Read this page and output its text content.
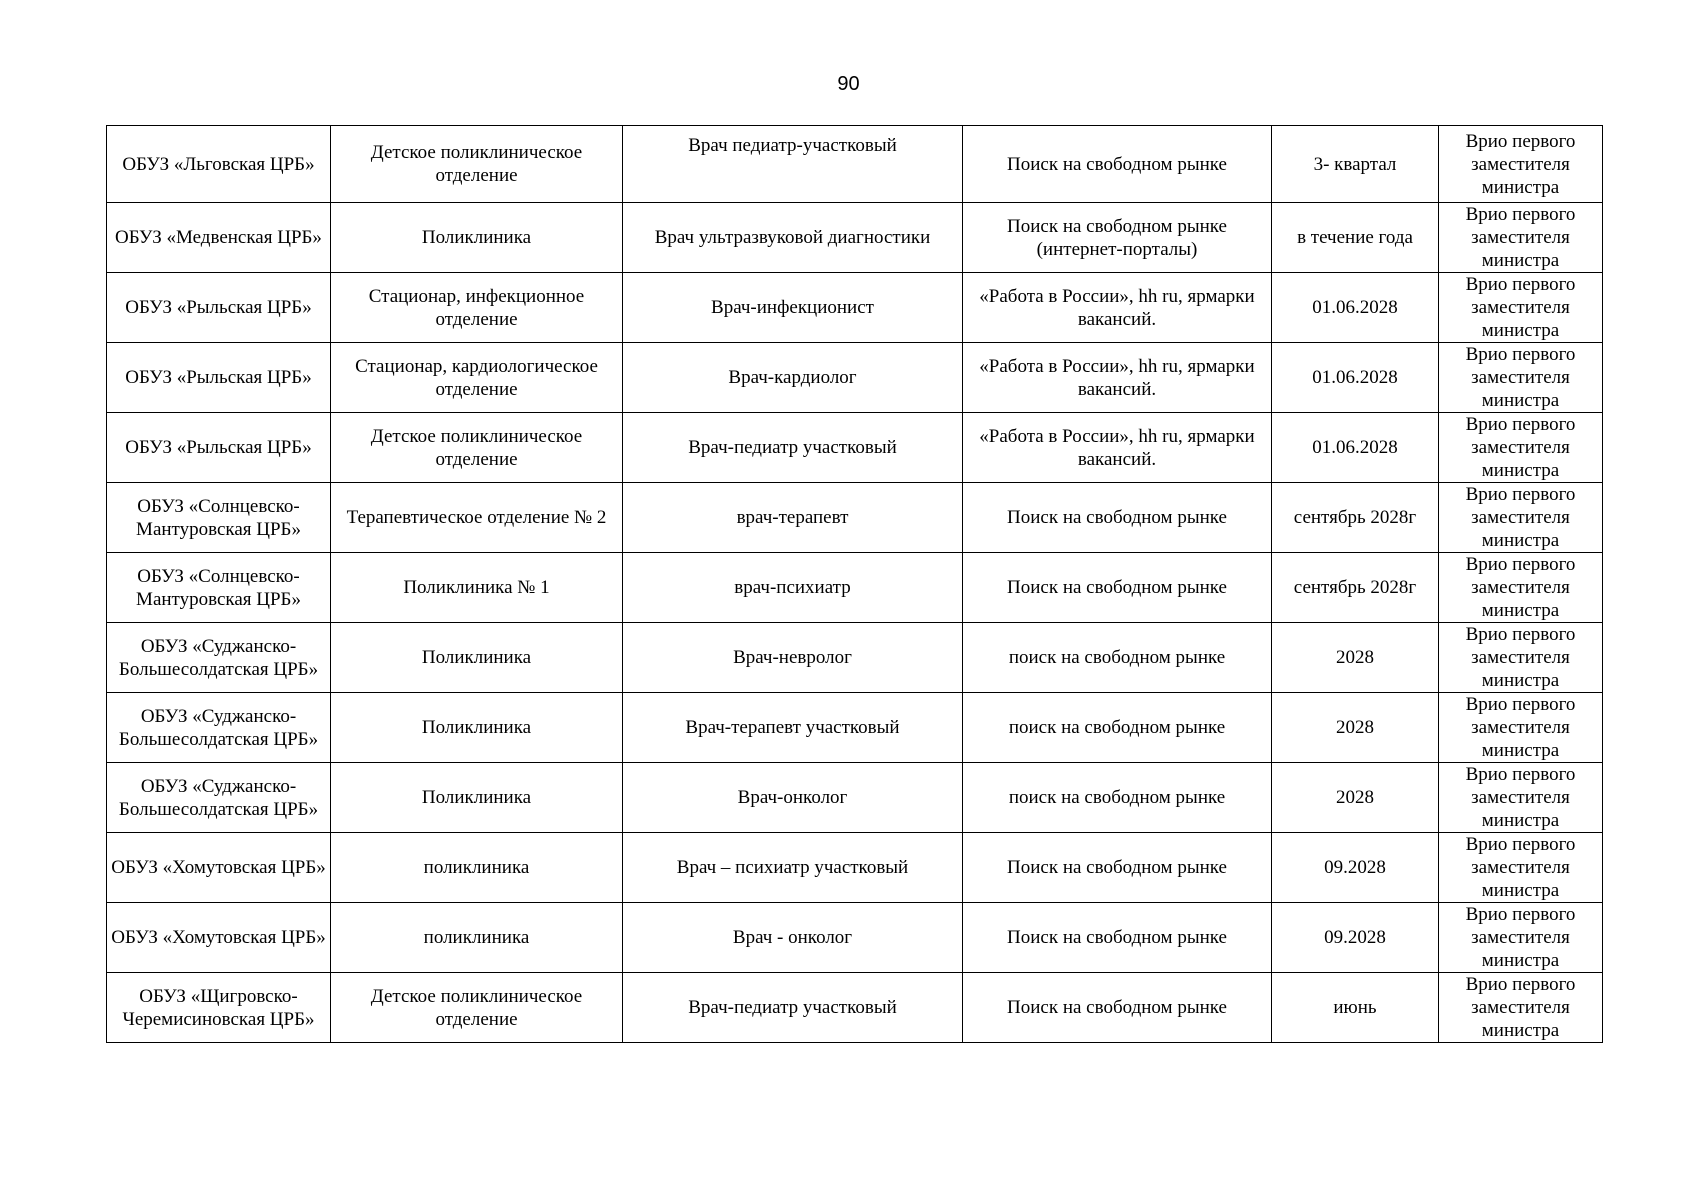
90
ОБУЗ «Льговская ЦРБ»	Детское поликлиническое отделение	Врач педиатр-участковый	Поиск на свободном рынке	3- квартал	Врио первого заместителя министра
ОБУЗ «Медвенская ЦРБ»	Поликлиника	Врач ультразвуковой диагностики	Поиск на свободном рынке (интернет-порталы)	в течение года	Врио первого заместителя министра
ОБУЗ «Рыльская ЦРБ»	Стационар, инфекционное отделение	Врач-инфекционист	«Работа в России», hh ru, ярмарки вакансий.	01.06.2028	Врио первого заместителя министра
ОБУЗ «Рыльская ЦРБ»	Стационар, кардиологическое отделение	Врач-кардиолог	«Работа в России», hh ru, ярмарки вакансий.	01.06.2028	Врио первого заместителя министра
ОБУЗ «Рыльская ЦРБ»	Детское поликлиническое отделение	Врач-педиатр участковый	«Работа в России», hh ru, ярмарки вакансий.	01.06.2028	Врио первого заместителя министра
ОБУЗ «Солнцевско-Мантуровская ЦРБ»	Терапевтическое отделение № 2	врач-терапевт	Поиск на свободном рынке	сентябрь 2028г	Врио первого заместителя министра
ОБУЗ «Солнцевско-Мантуровская ЦРБ»	Поликлиника № 1	врач-психиатр	Поиск на свободном рынке	сентябрь 2028г	Врио первого заместителя министра
ОБУЗ «Суджанско-Большесолдатская ЦРБ»	Поликлиника	Врач-невролог	поиск на свободном рынке	2028	Врио первого заместителя министра
ОБУЗ «Суджанско-Большесолдатская ЦРБ»	Поликлиника	Врач-терапевт участковый	поиск на свободном рынке	2028	Врио первого заместителя министра
ОБУЗ «Суджанско-Большесолдатская ЦРБ»	Поликлиника	Врач-онколог	поиск на свободном рынке	2028	Врио первого заместителя министра
ОБУЗ «Хомутовская ЦРБ»	поликлиника	Врач – психиатр участковый	Поиск на свободном рынке	09.2028	Врио первого заместителя министра
ОБУЗ «Хомутовская ЦРБ»	поликлиника	Врач - онколог	Поиск на свободном рынке	09.2028	Врио первого заместителя министра
ОБУЗ «Щигровско-Черемисиновская ЦРБ»	Детское поликлиническое отделение	Врач-педиатр участковый	Поиск на свободном рынке	июнь	Врио первого заместителя министра
